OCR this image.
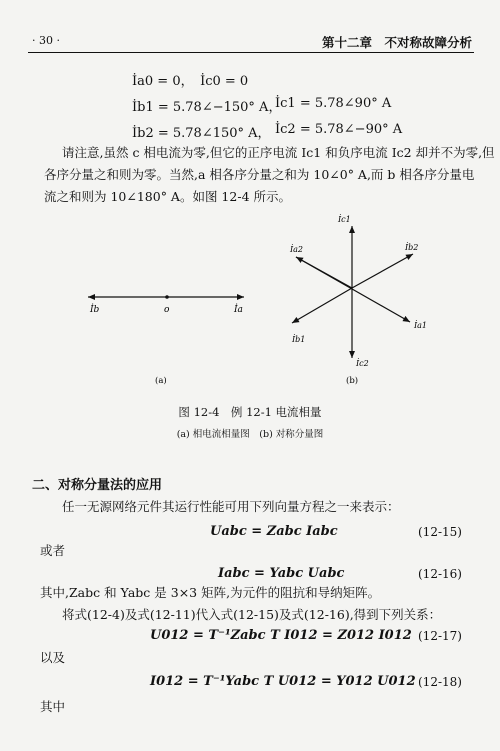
· 30 ·	第十二章　不对称故障分析
İa0 = 0，　İc0 = 0
İb1 = 5.78∠−150° A，
İc1 = 5.78∠90° A
İb2 = 5.78∠150° A， İc2 = 5.78∠−90° A
请注意,虽然 c 相电流为零,但它的正序电流 Ic1 和负序电流 Ic2 却并不为零,但
各序分量之和则为零。当然,a 相各序分量之和为 10∠0° A,而 b 相各序分量电
流之和则为 10∠180° A。如图 12-4 所示。
İb	o	İa
(a)
İc1
İa2	İb2
İa1
İb1
İc2
(b)
图 12-4　例 12-1 电流相量
(a) 相电流相量图　(b) 对称分量图
二、对称分量法的应用
任一无源网络元件其运行性能可用下列向量方程之一来表示：
Uabc = Zabc Iabc	(12-15)
或者
Iabc = Yabc Uabc	(12-16)
其中,Zabc 和 Yabc 是 3×3 矩阵,为元件的阻抗和导纳矩阵。
将式(12-4)及式(12-11)代入式(12-15)及式(12-16),得到下列关系：
U012 = T⁻¹Zabc T I012 = Z012 I012 (12-17)
以及
I012 = T⁻¹Yabc T U012 = Y012 U012 (12-18)
其中
